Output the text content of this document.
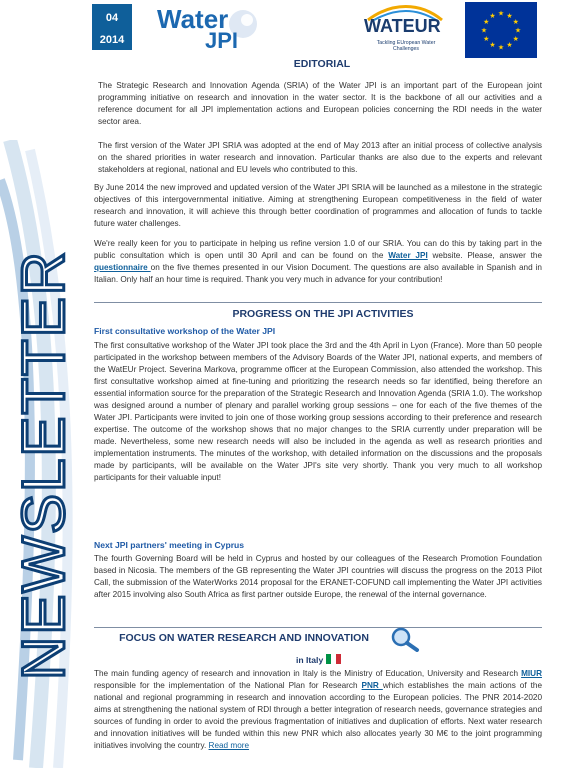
NEWSLETTER
04
2014
Water
JPI
WATEUR
Tackling EUropean Water Challenges
★ ★
★
★
★
★
★
★
★
★
★
★
EDITORIAL

The Strategic Research and Innovation Agenda (SRIA) of the Water JPI is an important part of the European joint programming initiative on research and innovation in the water sector. It is the backbone of all our activities and a reference document for all JPI implementation actions and European policies concerning the RDI needs in the water sector area.

The first version of the Water JPI SRIA was adopted at the end of May 2013 after an initial process of collective analysis on the shared priorities in water research and innovation. Particular thanks are also due to the experts and relevant stakeholders at regional, national and EU levels who contributed to this.

By June 2014 the new improved and updated version of the Water JPI SRIA will be launched as a milestone in the strategic objectives of this intergovernmental initiative. Aiming at strengthening European competitiveness in the field of water research and innovation, it will achieve this through better coordination of programmes and allocation of funds to tackle future water challenges.

We're really keen for you to participate in helping us refine version 1.0 of our SRIA. You can do this by taking part in the public consultation which is open until 30 April and can be found on the Water JPI website. Please, answer the questionnaire on the five themes presented in our Vision Document. The questions are also available in Spanish and in Italian. Only half an hour time is required. Thank you very much in advance for your contribution!

PROGRESS ON THE JPI ACTIVITIES

First consultative workshop of the Water JPI

The first consultative workshop of the Water JPI took place the 3rd and the 4th April in Lyon (France). More than 50 people participated in the workshop between members of the Advisory Boards of the Water JPI, national experts, and members of the WatEUr Project. Severina Markova, programme officer at the European Commission, also attended the workshop. This first consultative workshop aimed at fine-tuning and prioritizing the research needs so far identified, being therefore an essential information source for the preparation of the Strategic Research and Innovation Agenda (SRIA 1.0). The workshop was designed around a number of plenary and parallel working group sessions – one for each of the five themes of the Water JPI. Participants were invited to join one of those working group sessions according to their preference and research expertise. The outcome of the workshop shows that no major changes to the SRIA currently under preparation will be made. Nevertheless, some new research needs will also be included in the agenda as well as research priorities and implementation instruments. The minutes of the workshop, with detailed information on the discussions and the proposals made by participants, will be available on the Water JPI's site very shortly. Thank you very much to all workshop participants for their valuable input!

Next JPI partners' meeting in Cyprus

The fourth Governing Board will be held in Cyprus and hosted by our colleagues of the Research Promotion Foundation based in Nicosia. The members of the GB representing the Water JPI countries will discuss the progress on the 2013 Pilot Call, the submission of the WaterWorks 2014 proposal for the ERANET-COFUND call implementing the Water JPI activities after 2015 involving also South Africa as first partner outside Europe, the renewal of the internal governance.

FOCUS ON WATER RESEARCH AND INNOVATION
in Italy

The main funding agency of research and innovation in Italy is the Ministry of Education, University and Research MIUR responsible for the implementation of the National Plan for Research PNR which establishes the main actions of the national and regional programming in research and innovation according to the European policies. The PNR 2014-2020 aims at strengthening the national system of RDI through a better integration of research needs, governance strategies and sources of funding in order to avoid the previous fragmentation of initiatives and duplication of efforts. Next water research and innovation initiatives will be funded within this new PNR which also allocates yearly 30 M€ to the joint programming initiatives involving the country. Read more
